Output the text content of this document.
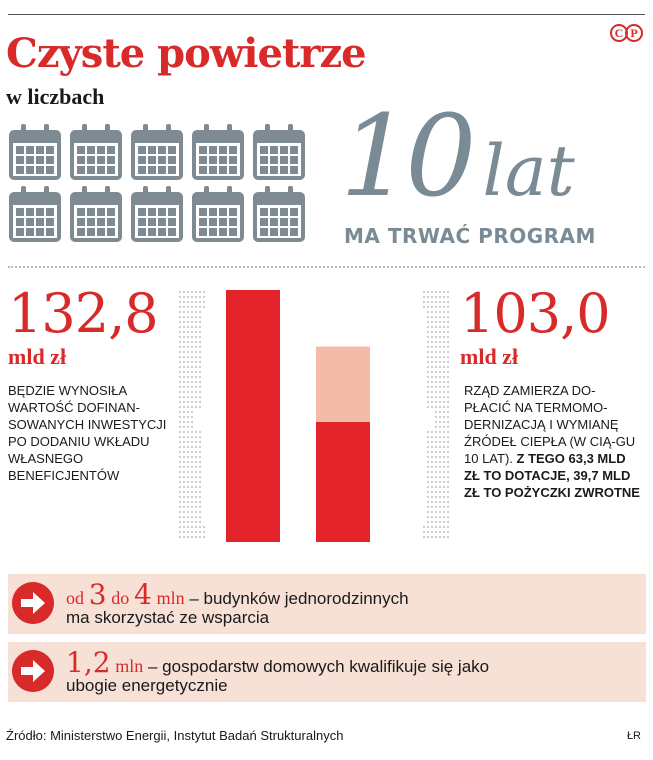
C P
Czyste powietrze
w liczbach 10 lat
MA TRWAĆ PROGRAM
132,8
mld zł
BĘDZIE WYNOSIŁA WARTOŚĆ DOFINAN-SOWANYCH INWESTYCJI PO DODANIU WKŁADU WŁASNEGO BENEFICJENTÓW
103,0
mld zł
RZĄD ZAMIERZA DO-PŁACIĆ NA TERMOMO-DERNIZACJĄ I WYMIANĘ ŹRÓDEŁ CIEPŁA (W CIĄ-GU 10 LAT). Z TEGO 63,3 MLD ZŁ TO DOTACJE, 39,7 MLD ZŁ TO POŻYCZKI ZWROTNE
od 3 do 4 mln – budynków jednorodzinnych
ma skorzystać ze wsparcia
1,2 mln – gospodarstw domowych kwalifikuje się jako
ubogie energetycznie
Źródło: Ministerstwo Energii, Instytut Badań Strukturalnych	ŁR
